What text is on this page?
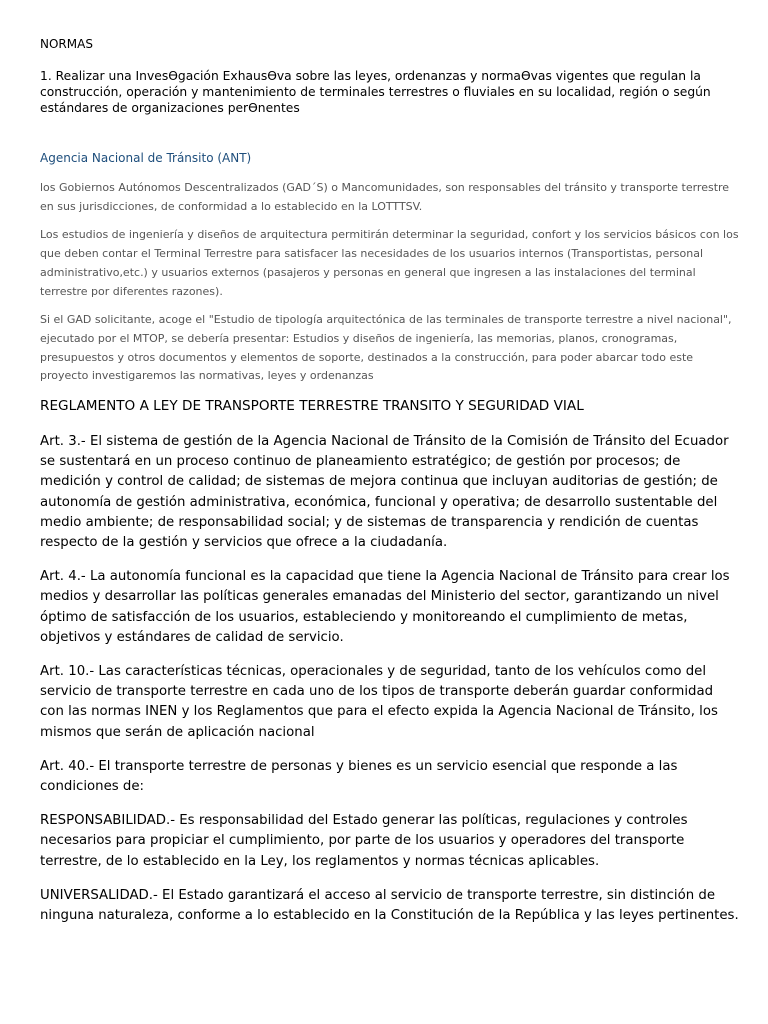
NORMAS

1. Realizar una InvesӨgación ExhausӨva sobre las leyes, ordenanzas y normaӨvas vigentes que regulan la construcción, operación y mantenimiento de terminales terrestres o fluviales en su localidad, región o según estándares de organizaciones perӨnentes

Agencia Nacional de Tránsito (ANT)

los Gobiernos Autónomos Descentralizados (GAD´S) o Mancomunidades, son responsables del tránsito y transporte terrestre en sus jurisdicciones, de conformidad a lo establecido en la LOTTTSV.

Los estudios de ingeniería y diseños de arquitectura permitirán determinar la seguridad, confort y los servicios básicos con los que deben contar el Terminal Terrestre para satisfacer las necesidades de los usuarios internos (Transportistas, personal administrativo,etc.) y usuarios externos (pasajeros y personas en general que ingresen a las instalaciones del terminal terrestre por diferentes razones).

Si el GAD solicitante, acoge el "Estudio de tipología arquitectónica de las terminales de transporte terrestre a nivel nacional", ejecutado por el MTOP, se debería presentar: Estudios y diseños de ingeniería, las memorias, planos, cronogramas, presupuestos y otros documentos y elementos de soporte, destinados a la construcción, para poder abarcar todo este proyecto investigaremos las normativas, leyes y ordenanzas

REGLAMENTO A LEY DE TRANSPORTE TERRESTRE TRANSITO Y SEGURIDAD VIAL

Art. 3.- El sistema de gestión de la Agencia Nacional de Tránsito de la Comisión de Tránsito del Ecuador se sustentará en un proceso continuo de planeamiento estratégico; de gestión por procesos; de medición y control de calidad; de sistemas de mejora continua que incluyan auditorias de gestión; de autonomía de gestión administrativa, económica, funcional y operativa; de desarrollo sustentable del medio ambiente; de responsabilidad social; y de sistemas de transparencia y rendición de cuentas respecto de la gestión y servicios que ofrece a la ciudadanía.

Art. 4.- La autonomía funcional es la capacidad que tiene la Agencia Nacional de Tránsito para crear los medios y desarrollar las políticas generales emanadas del Ministerio del sector, garantizando un nivel óptimo de satisfacción de los usuarios, estableciendo y monitoreando el cumplimiento de metas, objetivos y estándares de calidad de servicio.

Art. 10.- Las características técnicas, operacionales y de seguridad, tanto de los vehículos como del servicio de transporte terrestre en cada uno de los tipos de transporte deberán guardar conformidad con las normas INEN y los Reglamentos que para el efecto expida la Agencia Nacional de Tránsito, los mismos que serán de aplicación nacional

Art. 40.- El transporte terrestre de personas y bienes es un servicio esencial que responde a las condiciones de:

RESPONSABILIDAD.- Es responsabilidad del Estado generar las políticas, regulaciones y controles necesarios para propiciar el cumplimiento, por parte de los usuarios y operadores del transporte terrestre, de lo establecido en la Ley, los reglamentos y normas técnicas aplicables.

UNIVERSALIDAD.- El Estado garantizará el acceso al servicio de transporte terrestre, sin distinción de ninguna naturaleza, conforme a lo establecido en la Constitución de la República y las leyes pertinentes.
